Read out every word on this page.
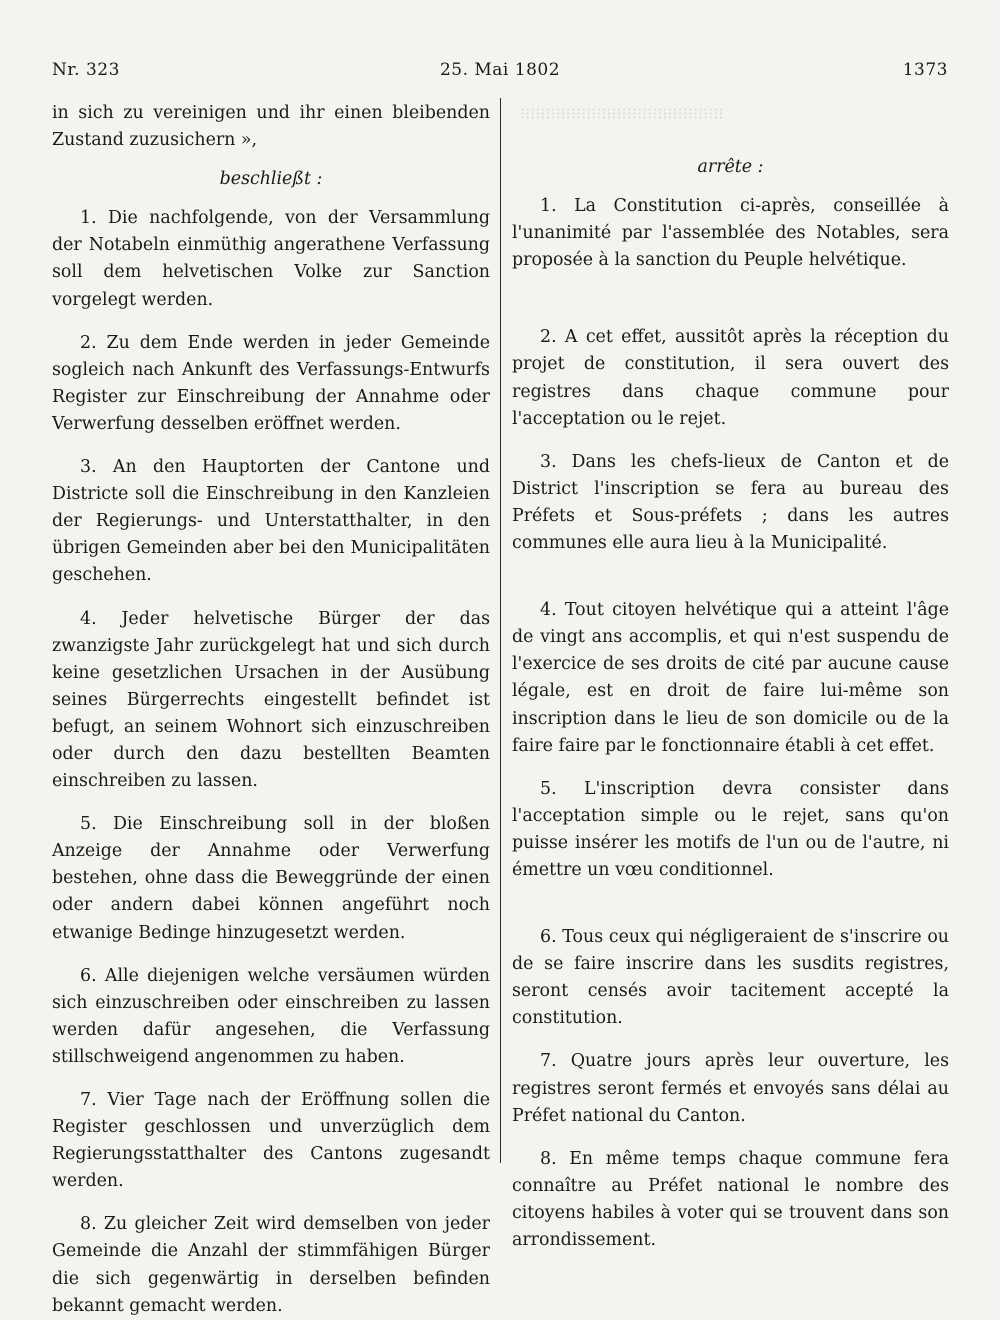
⁝⁝⁝⁝⁝⁝⁝⁝⁝⁝⁝⁝⁝⁝⁝⁝⁝⁝⁝⁝⁝⁝⁝⁝⁝⁝⁝⁝⁝⁝⁝⁝⁝⁝⁝⁝⁝⁝⁝⁝
Nr. 323	25. Mai 1802	1373

in sich zu vereinigen und ihr einen bleibenden Zustand zuzusichern »,

beschließt :

1. Die nachfolgende, von der Versammlung der Notabeln einmüthig angerathene Verfassung soll dem helvetischen Volke zur Sanction vorgelegt werden.

2. Zu dem Ende werden in jeder Gemeinde sogleich nach Ankunft des Verfassungs-Entwurfs Register zur Einschreibung der Annahme oder Verwerfung desselben eröffnet werden.

3. An den Hauptorten der Cantone und Districte soll die Einschreibung in den Kanzleien der Regierungs- und Unterstatthalter, in den übrigen Gemeinden aber bei den Municipalitäten geschehen.

4. Jeder helvetische Bürger der das zwanzigste Jahr zurückgelegt hat und sich durch keine gesetzlichen Ursachen in der Ausübung seines Bürgerrechts eingestellt befindet ist befugt, an seinem Wohnort sich einzuschreiben oder durch den dazu bestellten Beamten einschreiben zu lassen.

5. Die Einschreibung soll in der bloßen Anzeige der Annahme oder Verwerfung bestehen, ohne dass die Beweggründe der einen oder andern dabei können angeführt noch etwanige Bedinge hinzugesetzt werden.

6. Alle diejenigen welche versäumen würden sich einzuschreiben oder einschreiben zu lassen werden dafür angesehen, die Verfassung stillschweigend angenommen zu haben.

7. Vier Tage nach der Eröffnung sollen die Register geschlossen und unverzüglich dem Regierungsstatthalter des Cantons zugesandt werden.

8. Zu gleicher Zeit wird demselben von jeder Gemeinde die Anzahl der stimmfähigen Bürger die sich gegenwärtig in derselben befinden bekannt gemacht werden.

arrête :

1. La Constitution ci-après, conseillée à l'unanimité par l'assemblée des Notables, sera proposée à la sanction du Peuple helvétique.

2. A cet effet, aussitôt après la réception du projet de constitution, il sera ouvert des registres dans chaque commune pour l'acceptation ou le rejet.

3. Dans les chefs-lieux de Canton et de District l'inscription se fera au bureau des Préfets et Sous-préfets ; dans les autres communes elle aura lieu à la Municipalité.

4. Tout citoyen helvétique qui a atteint l'âge de vingt ans accomplis, et qui n'est suspendu de l'exercice de ses droits de cité par aucune cause légale, est en droit de faire lui-même son inscription dans le lieu de son domicile ou de la faire faire par le fonctionnaire établi à cet effet.

5. L'inscription devra consister dans l'acceptation simple ou le rejet, sans qu'on puisse insérer les motifs de l'un ou de l'autre, ni émettre un vœu conditionnel.

6. Tous ceux qui négligeraient de s'inscrire ou de se faire inscrire dans les susdits registres, seront censés avoir tacitement accepté la constitution.

7. Quatre jours après leur ouverture, les registres seront fermés et envoyés sans délai au Préfet national du Canton.

8. En même temps chaque commune fera connaître au Préfet national le nombre des citoyens habiles à voter qui se trouvent dans son arrondissement.
